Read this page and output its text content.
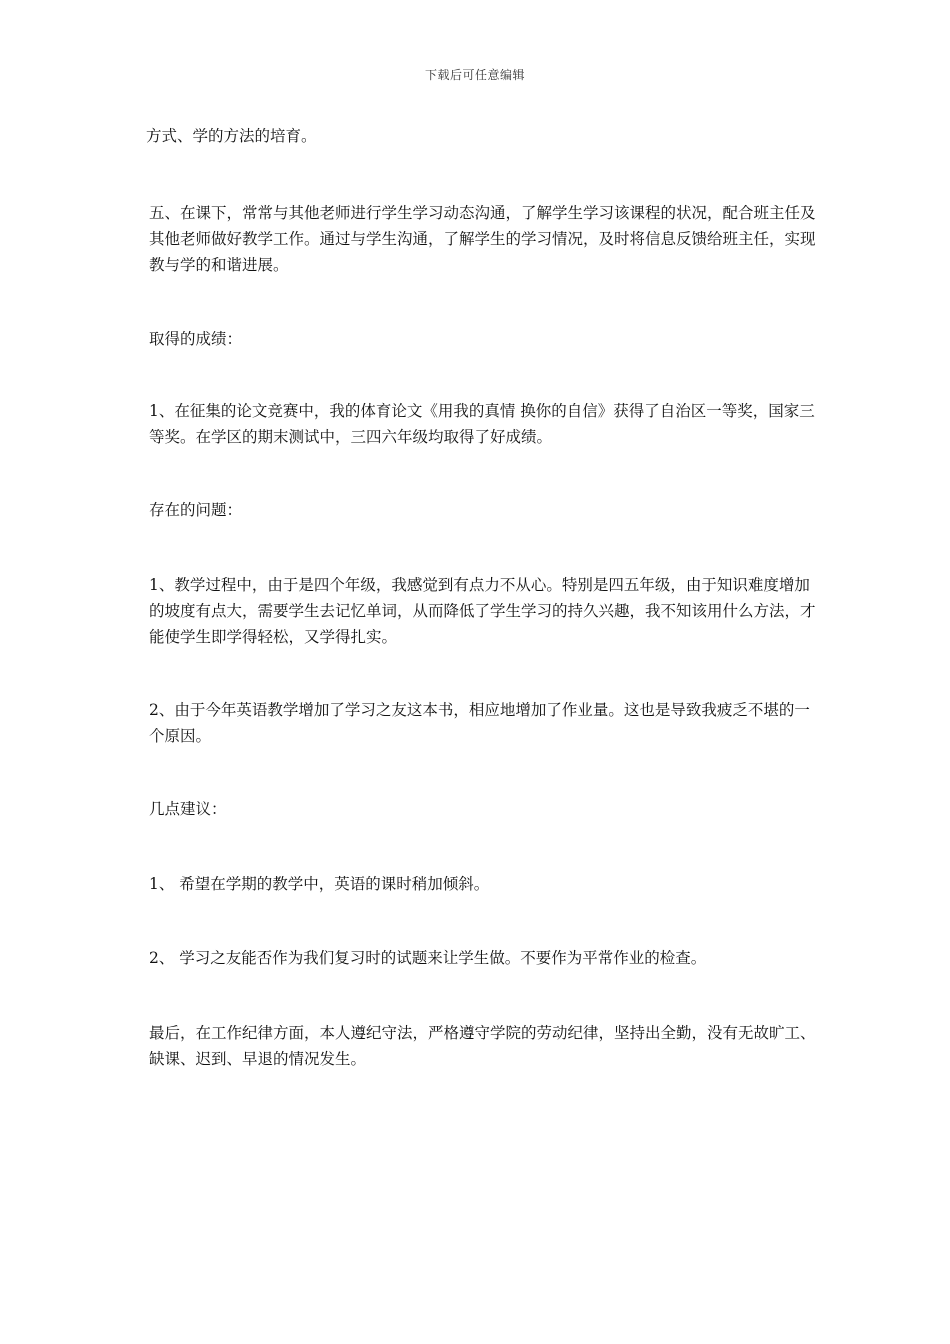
下载后可任意编辑

方式、学的方法的培育。

五、在课下，常常与其他老师进行学生学习动态沟通，了解学生学习该课程的状况，配合班主任及其他老师做好教学工作。通过与学生沟通，了解学生的学习情况，及时将信息反馈给班主任，实现教与学的和谐进展。

取得的成绩：

1、在征集的论文竞赛中，我的体育论文《用我的真情 换你的自信》获得了自治区一等奖，国家三等奖。在学区的期末测试中，三四六年级均取得了好成绩。

存在的问题：

1、教学过程中，由于是四个年级，我感觉到有点力不从心。特别是四五年级，由于知识难度增加的坡度有点大，需要学生去记忆单词，从而降低了学生学习的持久兴趣，我不知该用什么方法，才能使学生即学得轻松，又学得扎实。

2、由于今年英语教学增加了学习之友这本书，相应地增加了作业量。这也是导致我疲乏不堪的一个原因。

几点建议：

1、 希望在学期的教学中，英语的课时稍加倾斜。

2、 学习之友能否作为我们复习时的试题来让学生做。不要作为平常作业的检查。

最后，在工作纪律方面，本人遵纪守法，严格遵守学院的劳动纪律，坚持出全勤，没有无故旷工、缺课、迟到、早退的情况发生。
